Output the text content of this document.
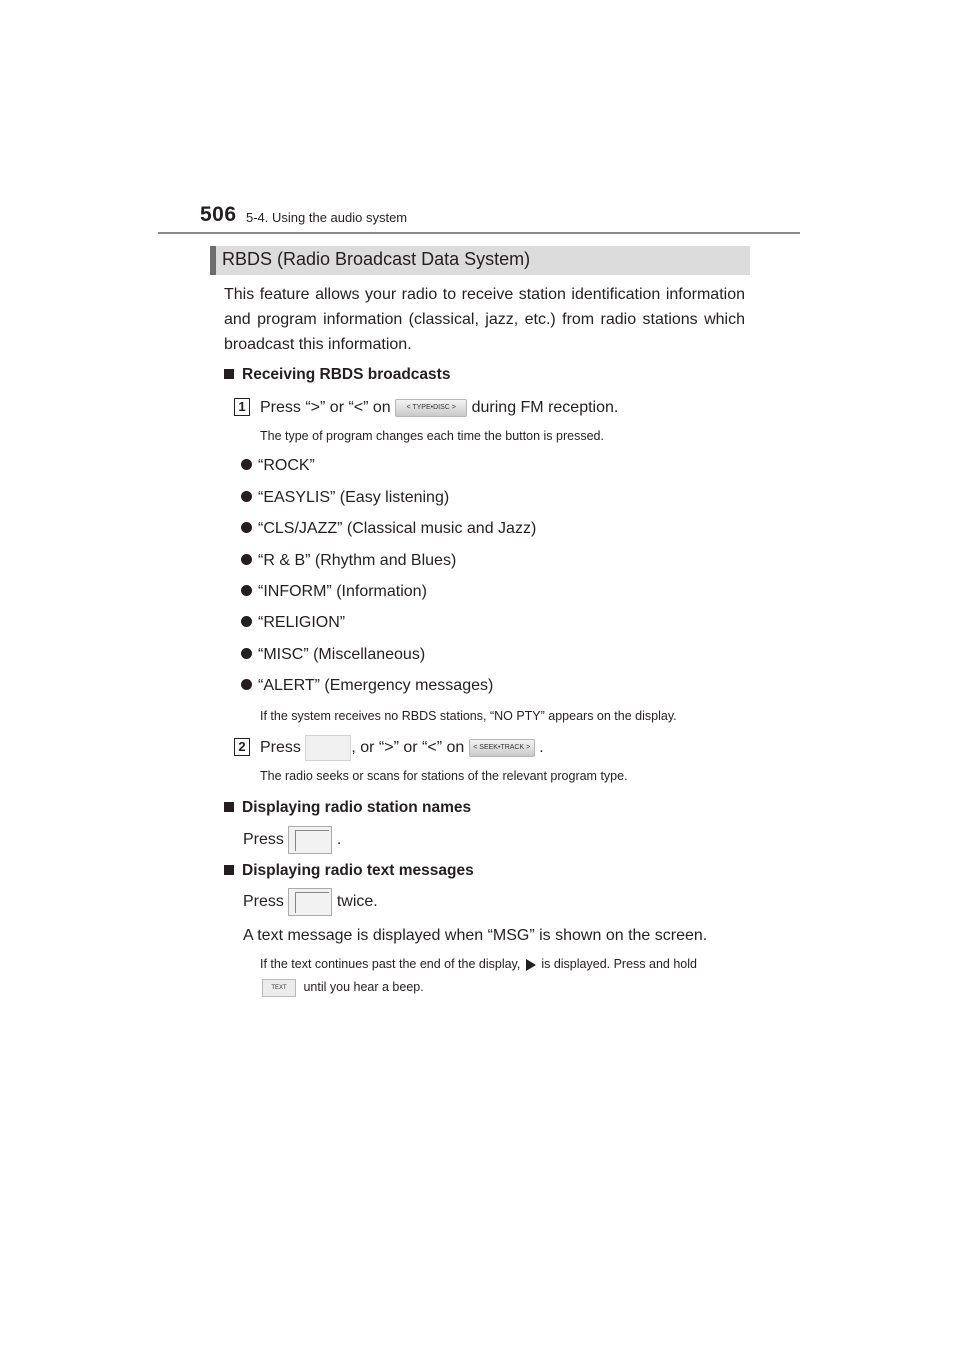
506 5-4. Using the audio system
RBDS (Radio Broadcast Data System)
This feature allows your radio to receive station identification information and program information (classical, jazz, etc.) from radio stations which broadcast this information.
Receiving RBDS broadcasts
1 Press “>” or “<” on < TYPE•DISC > during FM reception.
The type of program changes each time the button is pressed.
“ROCK”
“EASYLIS” (Easy listening)
“CLS/JAZZ” (Classical music and Jazz)
“R & B” (Rhythm and Blues)
“INFORM” (Information)
“RELIGION”
“MISC” (Miscellaneous)
“ALERT” (Emergency messages)
If the system receives no RBDS stations, “NO PTY” appears on the display.
2 Press	, or “>” or “<” on < SEEK•TRACK > .
The radio seeks or scans for stations of the relevant program type.
Displaying radio station names
Press	.
Displaying radio text messages
Press	twice.
A text message is displayed when “MSG” is shown on the screen.
If the text continues past the end of the display, is displayed. Press and hold
TEXT until you hear a beep.
